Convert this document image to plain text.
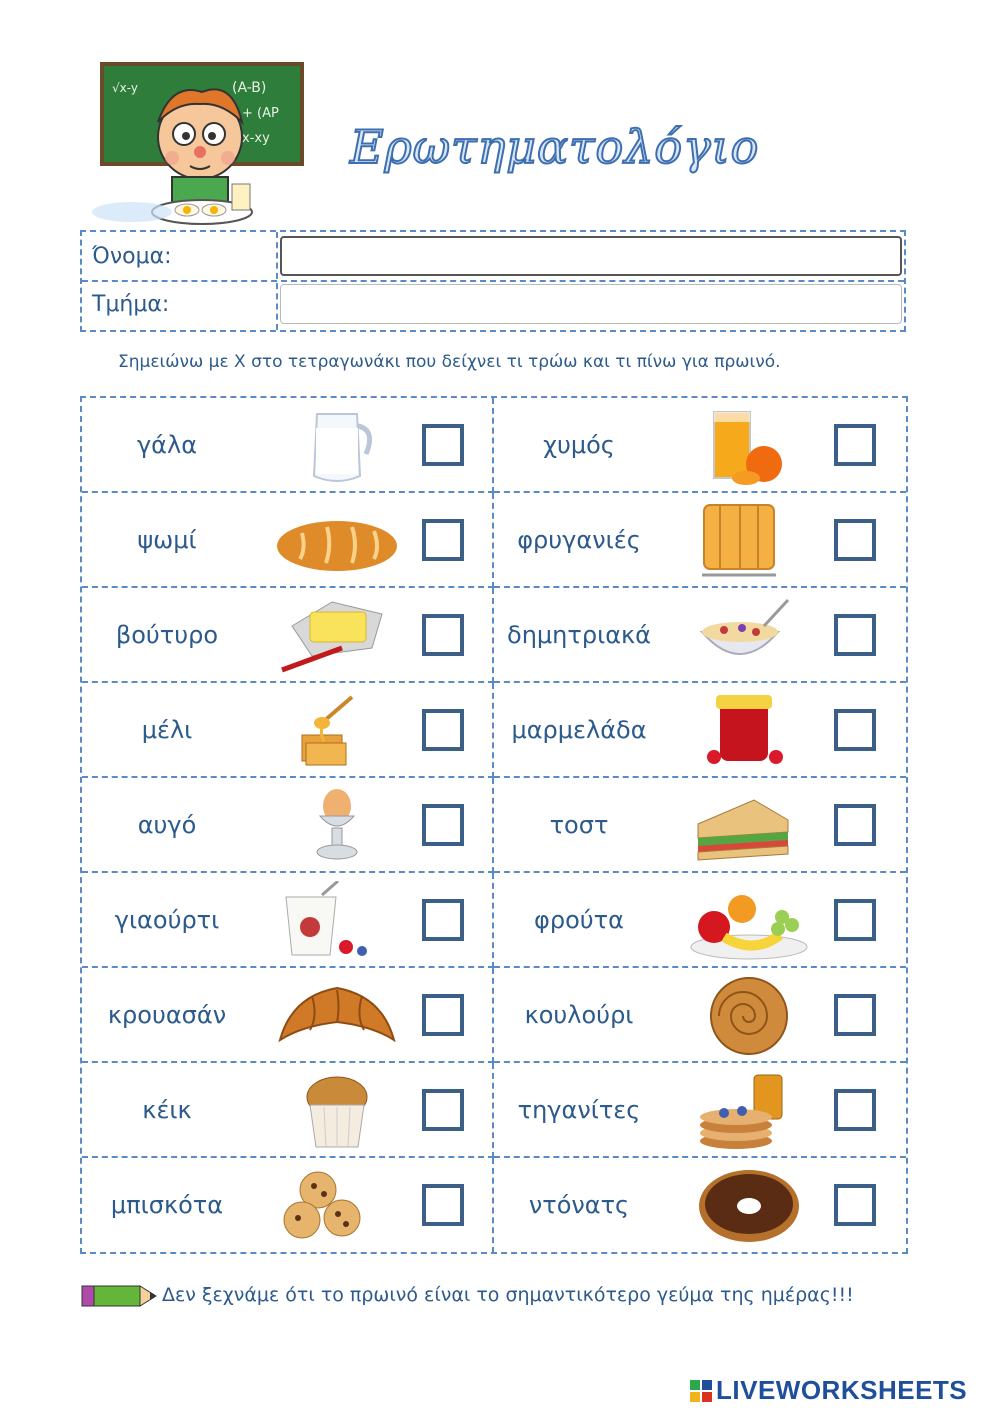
(A-B)
+ (AP
x-xy
√x-y
Ερωτηματολόγιο
Όνομα:
Τμήμα:
Σημειώνω με Χ στο τετραγωνάκι που δείχνει τι τρώω και τι πίνω για πρωινό.
γάλα	χυμός
ψωμί	φρυγανιές
βούτυρο	δημητριακά
μέλι	μαρμελάδα
αυγό	τοστ
γιαούρτι	φρούτα
κρουασάν	κουλούρι
κέικ	τηγανίτες
μπισκότα	ντόνατς
Δεν ξεχνάμε ότι το πρωινό είναι το σημαντικότερο γεύμα της ημέρας!!!
LIVEWORKSHEETS
